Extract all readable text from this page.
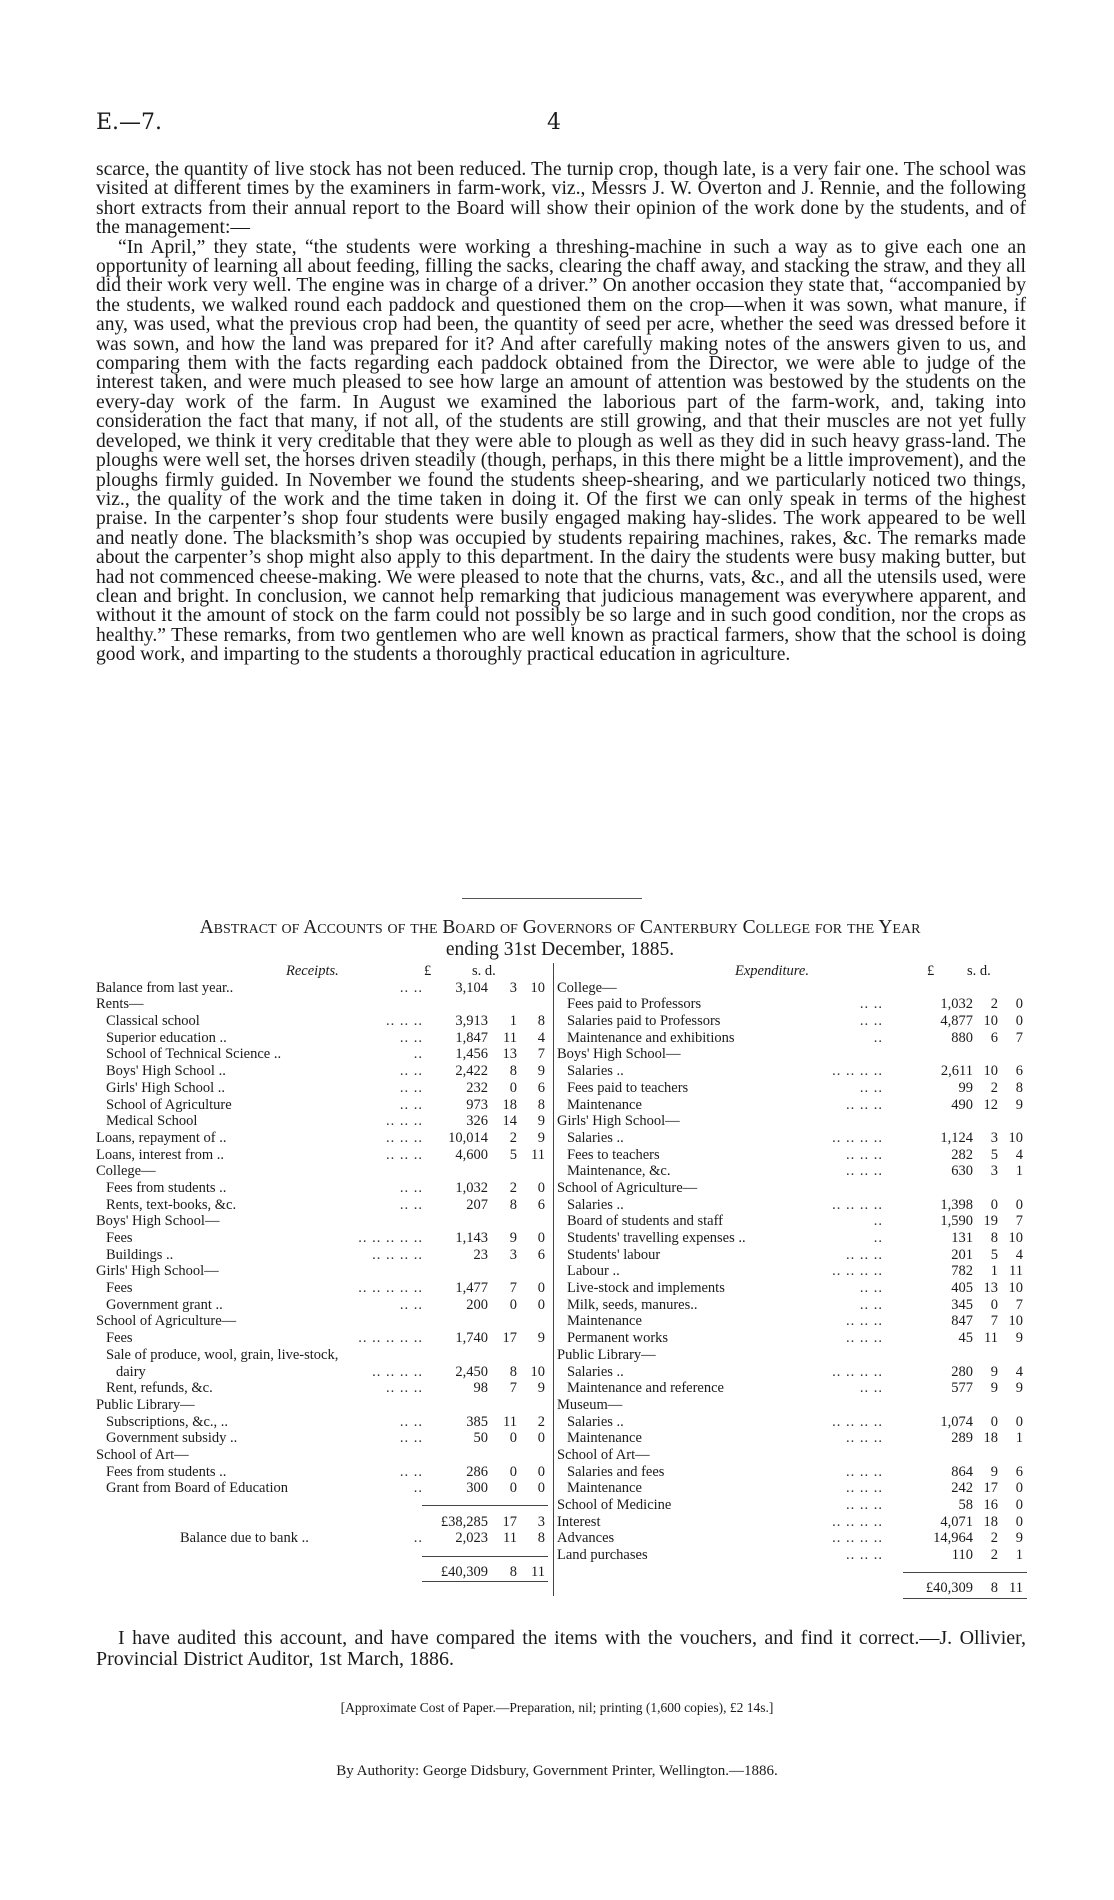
E.—7.	4

scarce, the quantity of live stock has not been reduced. The turnip crop, though late, is a very fair one. The school was visited at different times by the examiners in farm-work, viz., Messrs J. W. Overton and J. Rennie, and the following short extracts from their annual report to the Board will show their opinion of the work done by the students, and of the management:—

“In April,” they state, “the students were working a threshing-machine in such a way as to give each one an opportunity of learning all about feeding, filling the sacks, clearing the chaff away, and stacking the straw, and they all did their work very well. The engine was in charge of a driver.” On another occasion they state that, “accompanied by the students, we walked round each paddock and questioned them on the crop—when it was sown, what manure, if any, was used, what the previous crop had been, the quantity of seed per acre, whether the seed was dressed before it was sown, and how the land was prepared for it? And after carefully making notes of the answers given to us, and comparing them with the facts regarding each paddock obtained from the Director, we were able to judge of the interest taken, and were much pleased to see how large an amount of attention was bestowed by the students on the every-day work of the farm. In August we examined the laborious part of the farm-work, and, taking into consideration the fact that many, if not all, of the students are still growing, and that their muscles are not yet fully developed, we think it very creditable that they were able to plough as well as they did in such heavy grass-land. The ploughs were well set, the horses driven steadily (though, perhaps, in this there might be a little improvement), and the ploughs firmly guided. In November we found the students sheep-shearing, and we particularly noticed two things, viz., the quality of the work and the time taken in doing it. Of the first we can only speak in terms of the highest praise. In the carpenter’s shop four students were busily engaged making hay-slides. The work appeared to be well and neatly done. The blacksmith’s shop was occupied by students repairing machines, rakes, &c. The remarks made about the carpenter’s shop might also apply to this department. In the dairy the students were busy making butter, but had not commenced cheese-making. We were pleased to note that the churns, vats, &c., and all the utensils used, were clean and bright. In conclusion, we cannot help remarking that judicious management was everywhere apparent, and without it the amount of stock on the farm could not possibly be so large and in such good condition, nor the crops as healthy.” These remarks, from two gentlemen who are well known as practical farmers, show that the school is doing good work, and imparting to the students a thoroughly practical education in agriculture.

Abstract of Accounts of the Board of Governors of Canterbury College for the Year
ending 31st December, 1885.
Receipts.	£	s. d.
Balance from last year..	.. ..	3,104	3 10
Rents—
Classical school	.. .. ..	3,913	1	8
Superior education ..	.. ..	1,847	11	4
School of Technical Science ..	..	1,456	13	7
Boys' High School ..	.. ..	2,422	8	9
Girls' High School ..	.. ..	232	0	6
School of Agriculture	.. ..	973	18	8
Medical School	.. .. ..	326	14	9
Loans, repayment of ..	.. .. ..	10,014	2	9
Loans, interest from ..	.. .. ..	4,600	5 11
College—
Fees from students ..	.. ..	1,032	2	0
Rents, text-books, &c.	.. ..	207	8	6
Boys' High School—
Fees	.. .. .. .. ..	1,143	9	0
Buildings ..	.. .. .. ..	23	3	6
Girls' High School—
Fees	.. .. .. .. ..	1,477	7	0
Government grant ..	.. ..	200	0	0
School of Agriculture—
Fees	.. .. .. .. ..	1,740	17	9
Sale of produce, wool, grain, live-stock,
dairy	.. .. .. ..	2,450	8 10
Rent, refunds, &c.	.. .. ..	98	7	9
Public Library—
Subscriptions, &c., ..	.. ..	385	11	2
Government subsidy ..	.. ..	50	0	0
School of Art—
Fees from students ..	.. ..	286	0	0
Grant from Board of Education	..	300	0	0
£38,285	17	3
Balance due to bank ..	..	2,023	11	8
£40,309	8 11
Expenditure.	£ s. d.
College—
Fees paid to Professors	.. ..	1,032	2	0
Salaries paid to Professors	.. ..	4,877 10	0
Maintenance and exhibitions	..	880	6	7
Boys' High School—
Salaries ..	.. .. .. ..	2,611 10	6
Fees paid to teachers	.. ..	99	2	8
Maintenance	.. .. ..	490 12	9
Girls' High School—
Salaries ..	.. .. .. ..	1,124	3 10
Fees to teachers	.. .. ..	282	5	4
Maintenance, &c.	.. .. ..	630	3	1
School of Agriculture—
Salaries ..	.. .. .. ..	1,398	0	0
Board of students and staff	..	1,590 19	7
Students' travelling expenses ..	..	131	8 10
Students' labour	.. .. ..	201	5	4
Labour ..	.. .. .. ..	782	1 11
Live-stock and implements	.. ..	405 13 10
Milk, seeds, manures..	.. ..	345	0	7
Maintenance	.. .. ..	847	7 10
Permanent works	.. .. ..	45 11	9
Public Library—
Salaries ..	.. .. .. ..	280	9	4
Maintenance and reference	.. ..	577	9	9
Museum—
Salaries ..	.. .. .. ..	1,074	0	0
Maintenance	.. .. ..	289 18	1
School of Art—
Salaries and fees	.. .. ..	864	9	6
Maintenance	.. .. ..	242 17	0
School of Medicine	.. .. ..	58 16	0
Interest	.. .. .. ..	4,071 18	0
Advances	.. .. .. ..	14,964	2	9
Land purchases	.. .. ..	110	2	1
£40,309	8 11

I have audited this account, and have compared the items with the vouchers, and find it correct.—J. Ollivier, Provincial District Auditor, 1st March, 1886.

[Approximate Cost of Paper.—Preparation, nil; printing (1,600 copies), £2 14s.]
By Authority: George Didsbury, Government Printer, Wellington.—1886.
